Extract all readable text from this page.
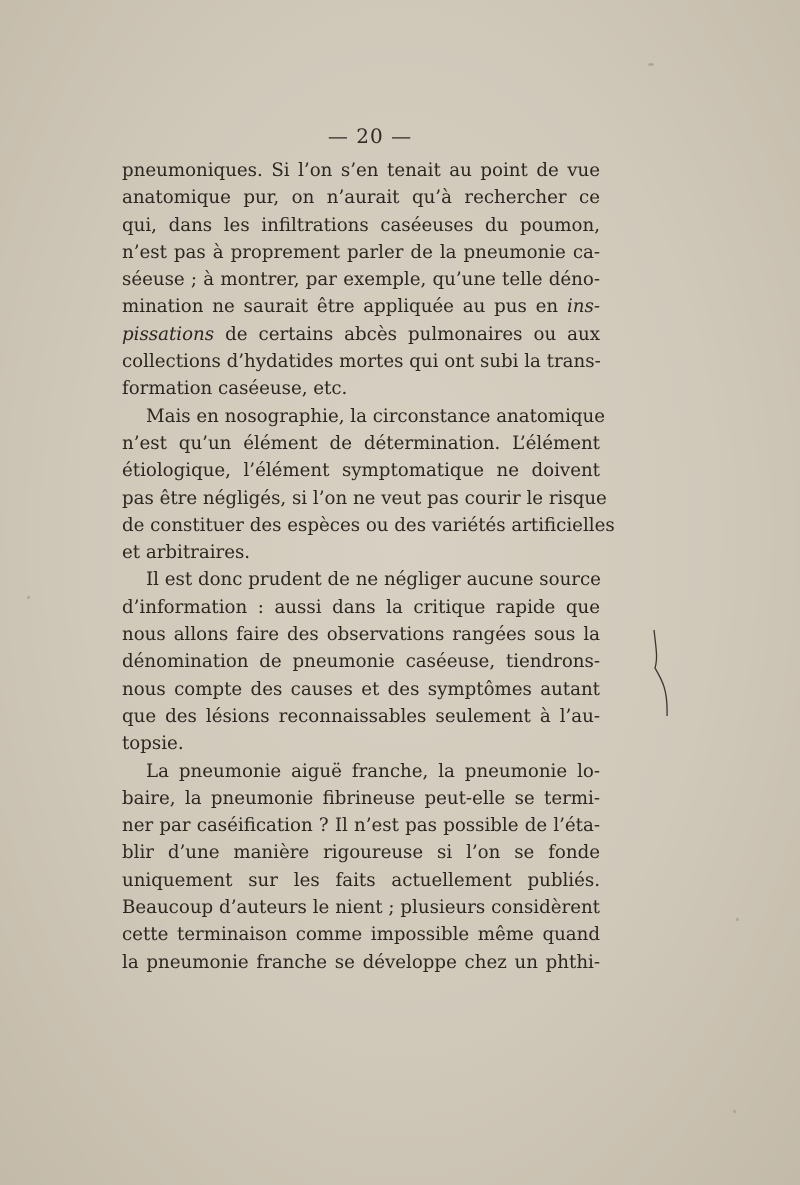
— 20 —
pneumoniques. Si l’on s’en tenait au point de vue
anatomique pur, on n’aurait qu’à rechercher ce
qui, dans les infiltrations caséeuses du poumon,
n’est pas à proprement parler de la pneumonie ca-
séeuse ; à montrer, par exemple, qu’une telle déno-
mination ne saurait être appliquée au pus en ins-
pissations de certains abcès pulmonaires ou aux
collections d’hydatides mortes qui ont subi la trans-
formation caséeuse, etc.
Mais en nosographie, la circonstance anatomique
n’est qu’un élément de détermination. L’élément
étiologique, l’élément symptomatique ne doivent
pas être négligés, si l’on ne veut pas courir le risque
de constituer des espèces ou des variétés artificielles
et arbitraires.
Il est donc prudent de ne négliger aucune source
d’information : aussi dans la critique rapide que
nous allons faire des observations rangées sous la
dénomination de pneumonie caséeuse, tiendrons-
nous compte des causes et des symptômes autant
que des lésions reconnaissables seulement à l’au-
topsie.
La pneumonie aiguë franche, la pneumonie lo-
baire, la pneumonie fibrineuse peut-elle se termi-
ner par caséification ? Il n’est pas possible de l’éta-
blir d’une manière rigoureuse si l’on se fonde
uniquement sur les faits actuellement publiés.
Beaucoup d’auteurs le nient ; plusieurs considèrent
cette terminaison comme impossible même quand
la pneumonie franche se développe chez un phthi-
